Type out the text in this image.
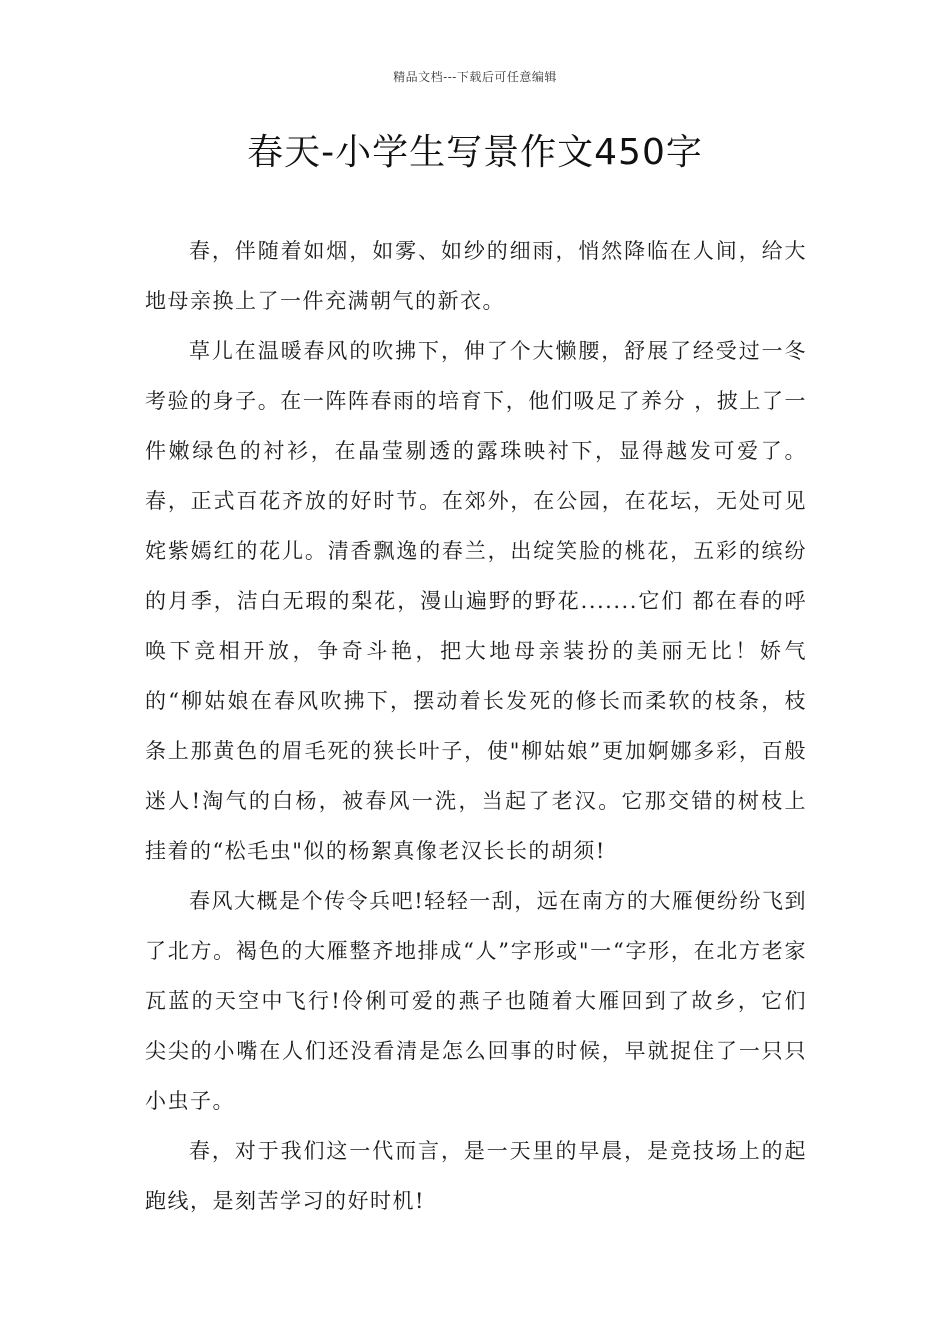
精品文档---下载后可任意编辑
春天-小学生写景作文450字

春，伴随着如烟，如雾、如纱的细雨，悄然降临在人间，给大地母亲换上了一件充满朝气的新衣。

草儿在温暖春风的吹拂下，伸了个大懒腰，舒展了经受过一冬考验的身子。在一阵阵春雨的培育下，他们吸足了养分 ，披上了一件嫩绿色的衬衫，在晶莹剔透的露珠映衬下，显得越发可爱了。 春，正式百花齐放的好时节。在郊外，在公园，在花坛，无处可见姹紫嫣红的花儿。清香飘逸的春兰，出绽笑脸的桃花，五彩的缤纷的月季，洁白无瑕的梨花，漫山遍野的野花.......它们 都在春的呼唤下竞相开放，争奇斗艳，把大地母亲装扮的美丽无比！娇气的“柳姑娘在春风吹拂下，摆动着长发死的修长而柔软的枝条，枝条上那黄色的眉毛死的狭长叶子，使"柳姑娘”更加婀娜多彩，百般迷人!淘气的白杨，被春风一洗，当起了老汉。它那交错的树枝上挂着的“松毛虫"似的杨絮真像老汉长长的胡须!

春风大概是个传令兵吧!轻轻一刮，远在南方的大雁便纷纷飞到了北方。褐色的大雁整齐地排成“人”字形或"一“字形，在北方老家瓦蓝的天空中飞行!伶俐可爱的燕子也随着大雁回到了故乡，它们尖尖的小嘴在人们还没看清是怎么回事的时候，早就捉住了一只只小虫子。

春，对于我们这一代而言，是一天里的早晨，是竞技场上的起跑线，是刻苦学习的好时机!
